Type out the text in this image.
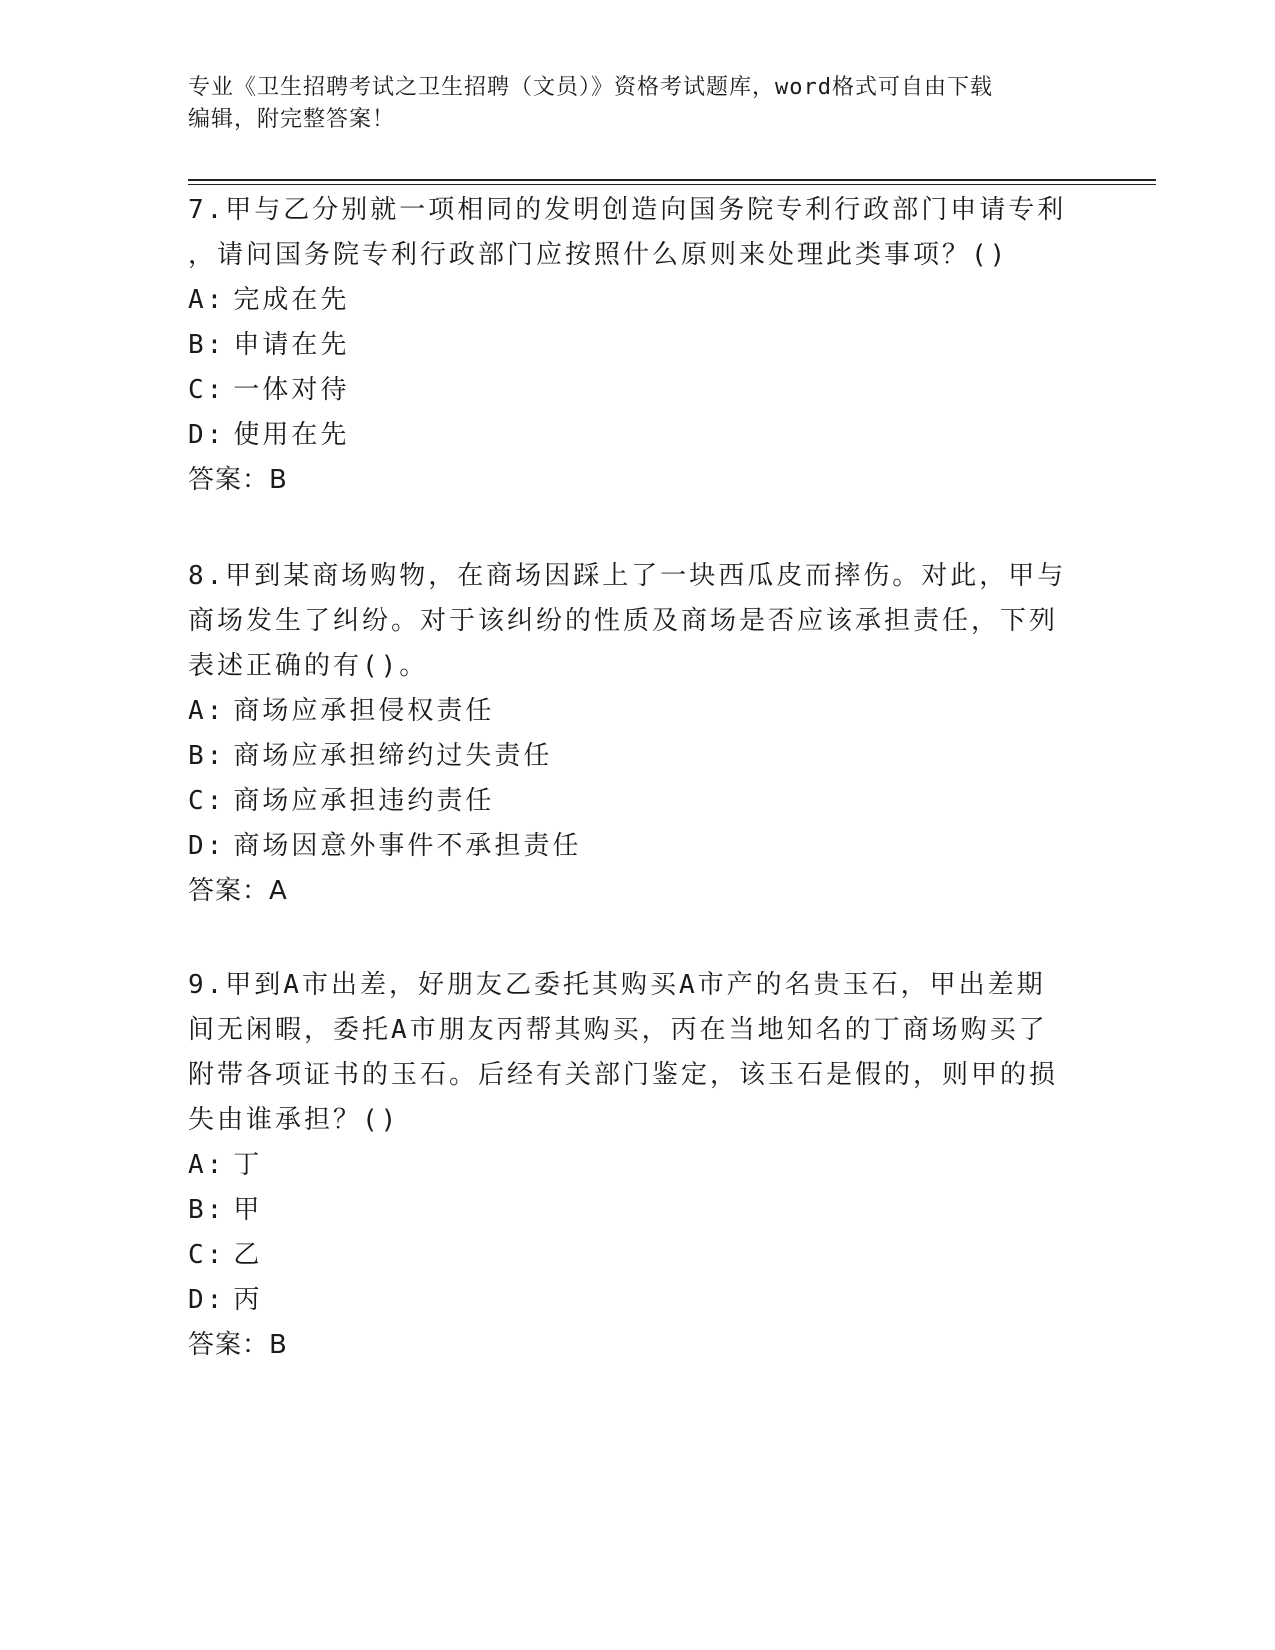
专业《卫生招聘考试之卫生招聘（文员）》资格考试题库，word格式可自由下载
编辑，附完整答案！
7.甲与乙分别就一项相同的发明创造向国务院专利行政部门申请专利
，请问国务院专利行政部门应按照什么原则来处理此类事项？()
A: 完成在先
B: 申请在先
C: 一体对待
D: 使用在先
答案：B
8.甲到某商场购物，在商场因踩上了一块西瓜皮而摔伤。对此，甲与
商场发生了纠纷。对于该纠纷的性质及商场是否应该承担责任，下列
表述正确的有()。
A: 商场应承担侵权责任
B: 商场应承担缔约过失责任
C: 商场应承担违约责任
D: 商场因意外事件不承担责任
答案：A
9.甲到A市出差，好朋友乙委托其购买A市产的名贵玉石，甲出差期
间无闲暇，委托A市朋友丙帮其购买，丙在当地知名的丁商场购买了
附带各项证书的玉石。后经有关部门鉴定，该玉石是假的，则甲的损
失由谁承担？()
A: 丁
B: 甲
C: 乙
D: 丙
答案：B
